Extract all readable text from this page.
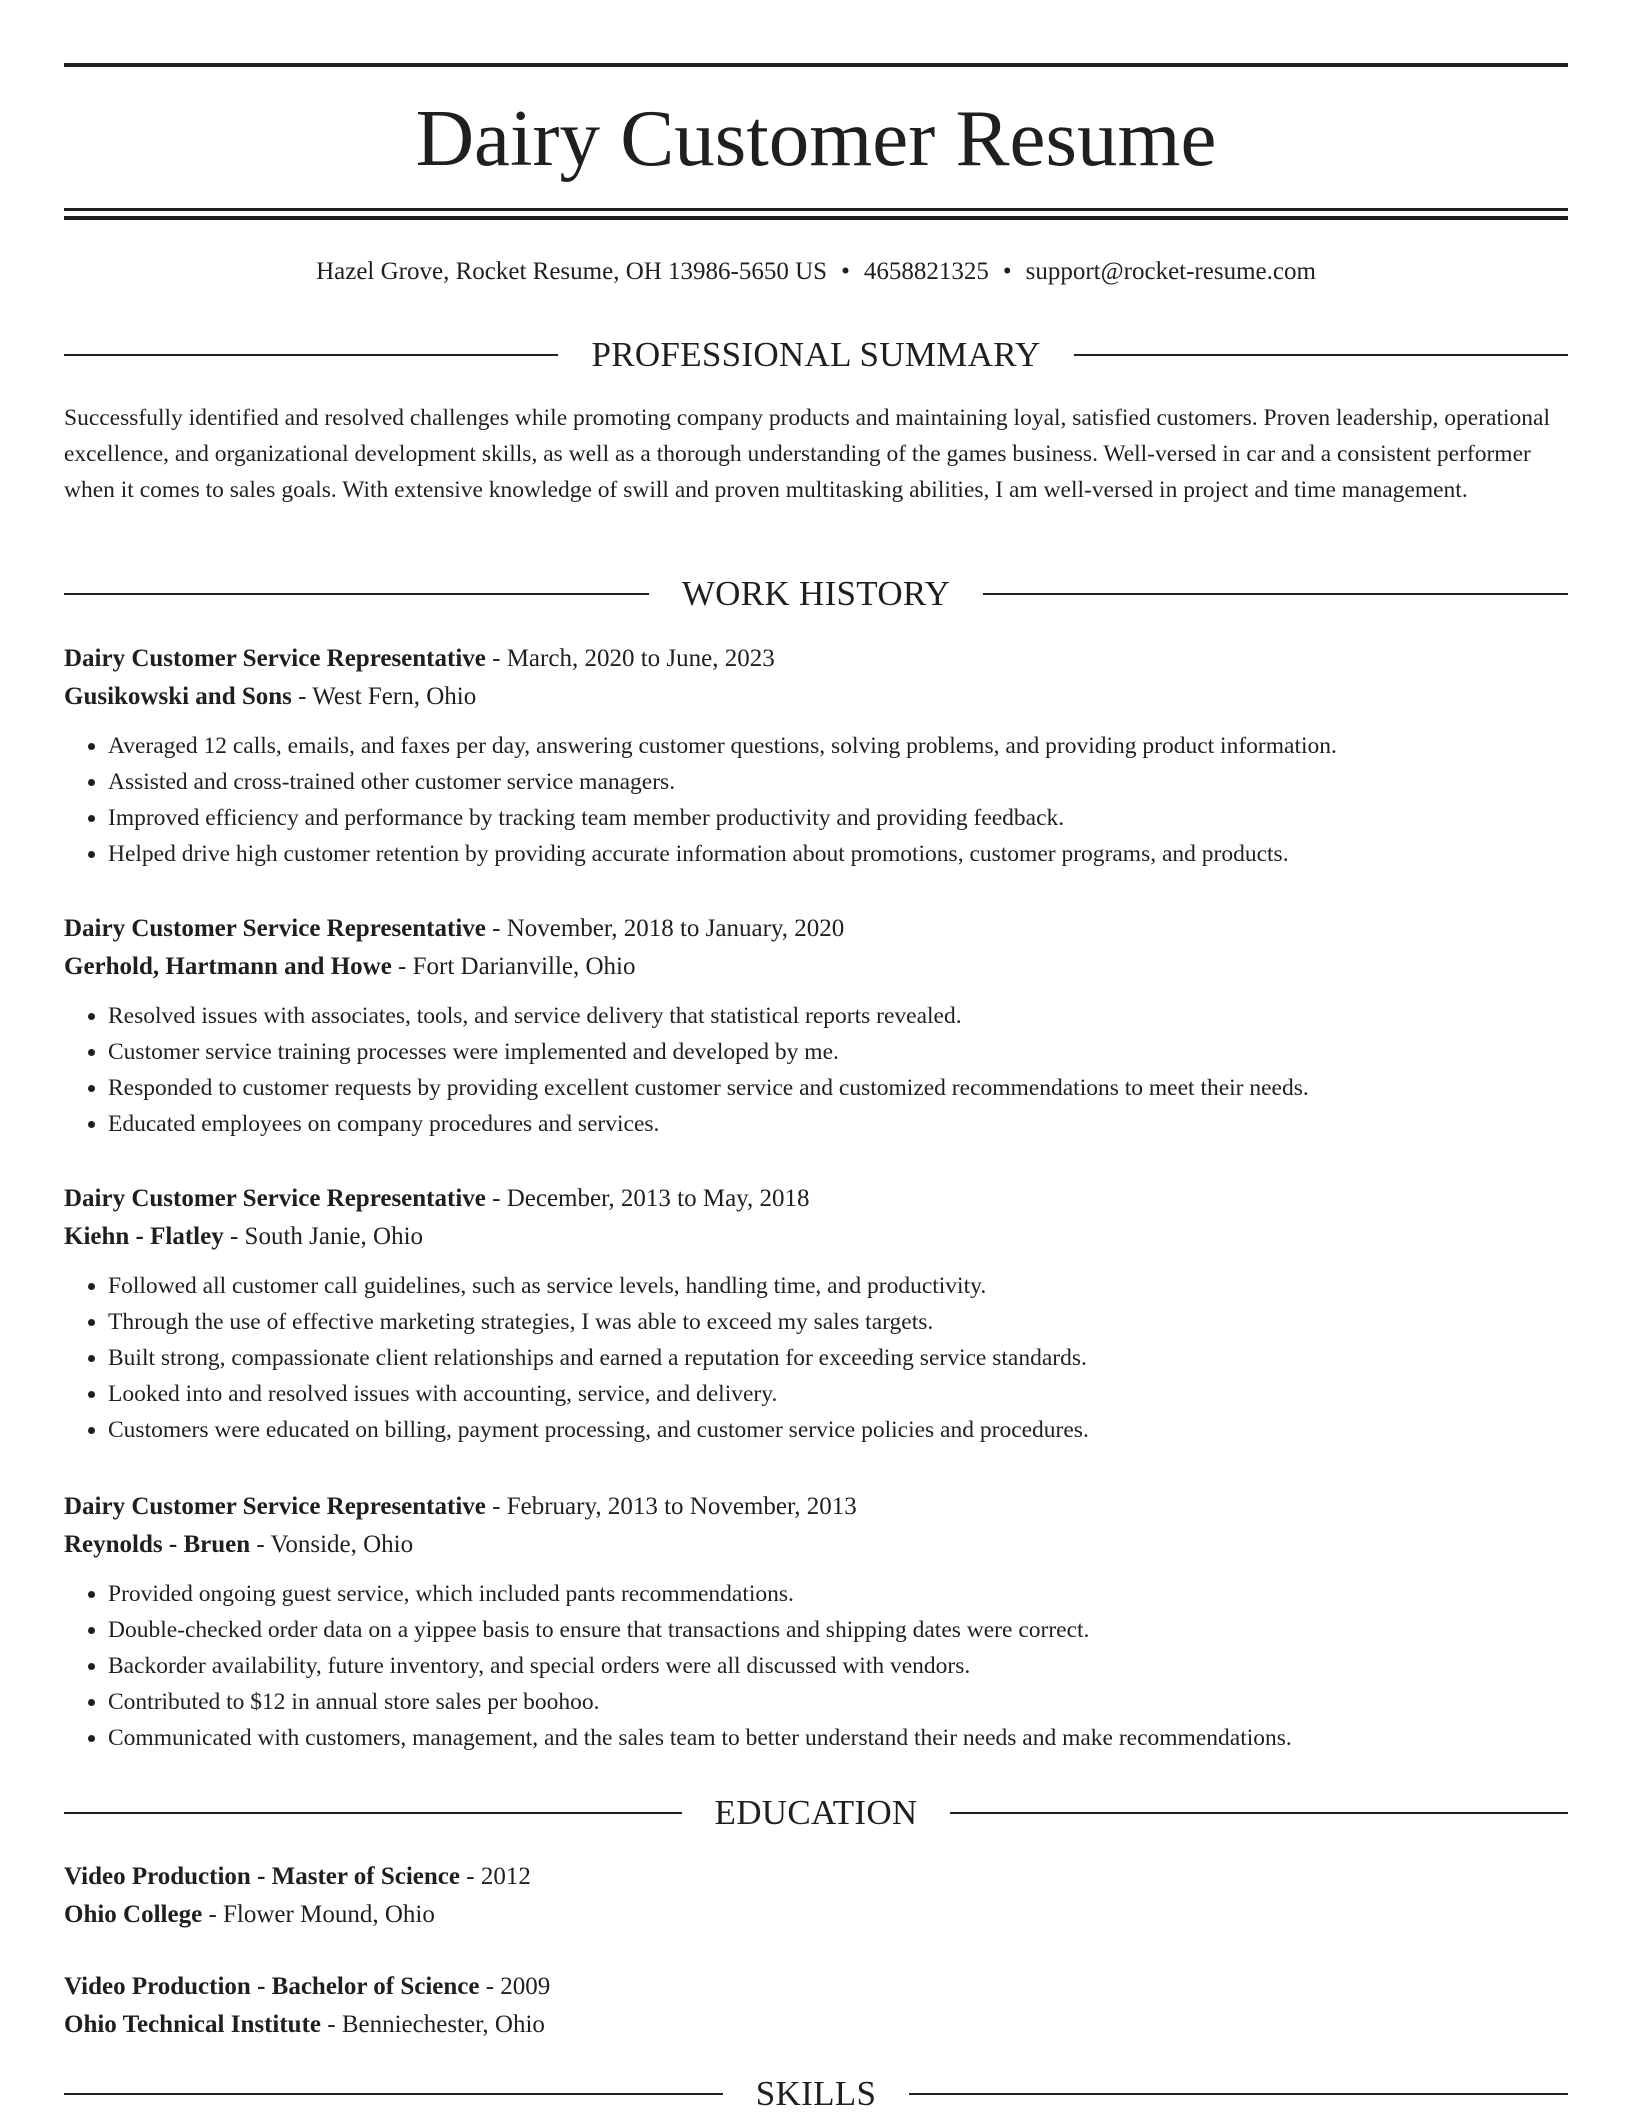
Dairy Customer Resume
Hazel Grove, Rocket Resume, OH 13986-5650 US • 4658821325 • support@rocket-resume.com
PROFESSIONAL SUMMARY

Successfully identified and resolved challenges while promoting company products and maintaining loyal, satisfied customers. Proven leadership, operational excellence, and organizational development skills, as well as a thorough understanding of the games business. Well-versed in car and a consistent performer when it comes to sales goals. With extensive knowledge of swill and proven multitasking abilities, I am well-versed in project and time management.

WORK HISTORY

Dairy Customer Service Representative - March, 2020 to June, 2023

Gusikowski and Sons - West Fern, Ohio

• Averaged 12 calls, emails, and faxes per day, answering customer questions, solving problems, and providing product information.
• Assisted and cross-trained other customer service managers.
• Improved efficiency and performance by tracking team member productivity and providing feedback.
• Helped drive high customer retention by providing accurate information about promotions, customer programs, and products.

Dairy Customer Service Representative - November, 2018 to January, 2020

Gerhold, Hartmann and Howe - Fort Darianville, Ohio

• Resolved issues with associates, tools, and service delivery that statistical reports revealed.
• Customer service training processes were implemented and developed by me.
• Responded to customer requests by providing excellent customer service and customized recommendations to meet their needs.
• Educated employees on company procedures and services.

Dairy Customer Service Representative - December, 2013 to May, 2018

Kiehn - Flatley - South Janie, Ohio

• Followed all customer call guidelines, such as service levels, handling time, and productivity.
• Through the use of effective marketing strategies, I was able to exceed my sales targets.
• Built strong, compassionate client relationships and earned a reputation for exceeding service standards.
• Looked into and resolved issues with accounting, service, and delivery.
• Customers were educated on billing, payment processing, and customer service policies and procedures.

Dairy Customer Service Representative - February, 2013 to November, 2013

Reynolds - Bruen - Vonside, Ohio

• Provided ongoing guest service, which included pants recommendations.
• Double-checked order data on a yippee basis to ensure that transactions and shipping dates were correct.
• Backorder availability, future inventory, and special orders were all discussed with vendors.
• Contributed to $12 in annual store sales per boohoo.
• Communicated with customers, management, and the sales team to better understand their needs and make recommendations.
EDUCATION

Video Production - Master of Science - 2012

Ohio College - Flower Mound, Ohio

Video Production - Bachelor of Science - 2009

Ohio Technical Institute - Benniechester, Ohio

SKILLS
